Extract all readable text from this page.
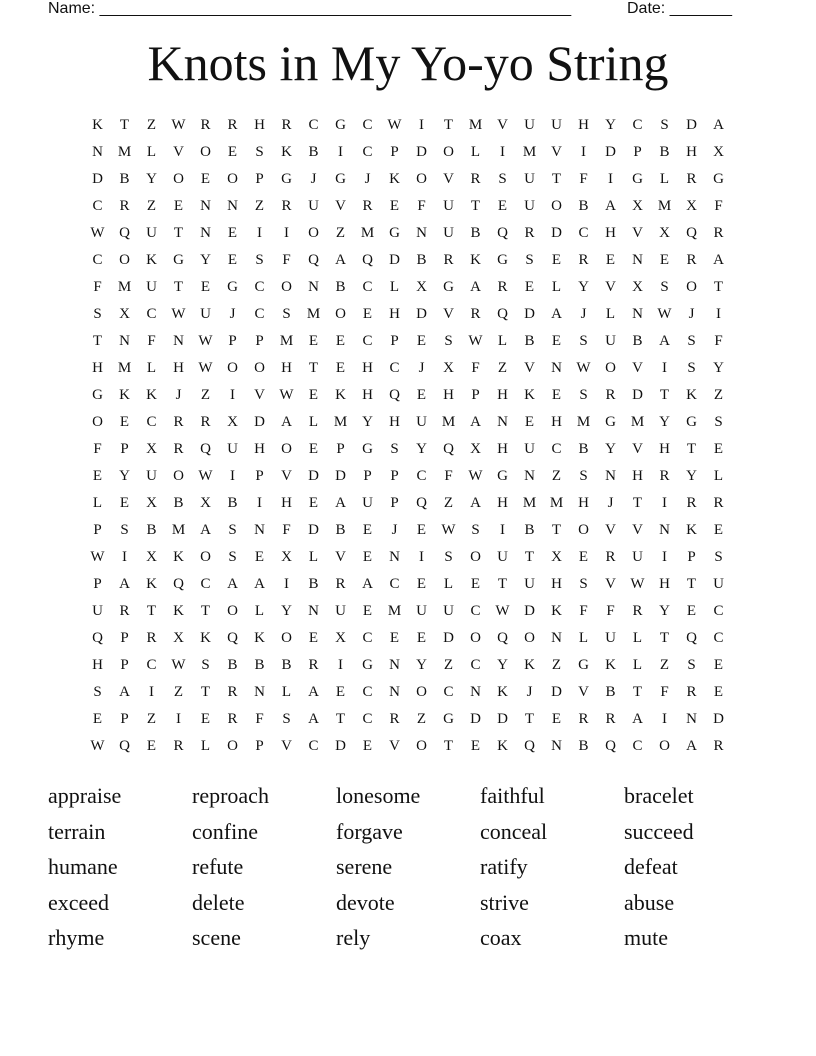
Name: _____________________________________________________	Date: _______
Knots in My Yo-yo String
K	T	Z	W R	R	H	R	C	G	C W	I	T	M V	U	U	H	Y	C	S	D	A
N M	L	V	O	E	S	K	B	I	C	P	D	O	L	I	M V	I	D	P	B	H	X
D	B	Y	O	E	O	P	G	J	G	J	K	O	V	R	S	U	T	F	I	G	L	R	G
C	R	Z	E	N	N	Z	R	U	V	R	E	F	U	T	E	U	O	B	A	X M X	F
W Q	U	T	N	E	I	I	O	Z	M G	N	U	B	Q	R	D	C	H	V	X	Q	R
C	O	K	G	Y	E	S	F	Q	A	Q	D	B	R	K	G	S	E	R	E	N	E	R	A
F	M U	T	E	G	C	O	N	B	C	L	X	G	A	R	E	L	Y	V	X	S	O	T
S	X	C W U	J	C	S	M O	E	H	D	V	R	Q	D	A	J	L	N W	J	I
T	N	F	N W	P	P	M	E	E	C	P	E	S	W	L	B	E	S	U	B	A	S	F
H M	L	H W O	O	H	T	E	H	C	J	X	F	Z	V	N W O	V	I	S	Y
G	K	K	J	Z	I	V W	E	K	H	Q	E	H	P	H	K	E	S	R	D	T	K	Z
O	E	C	R	R	X	D	A	L	M Y	H	U M A	N	E	H M G M Y	G	S
F	P	X	R	Q	U	H	O	E	P	G	S	Y	Q	X	H	U	C	B	Y	V	H	T	E
E	Y	U	O W	I	P	V	D	D	P	P	C	F	W G	N	Z	S	N	H	R	Y	L
L	E	X	B	X	B	I	H	E	A	U	P	Q	Z	A	H M M H	J	T	I	R	R
P	S	B	M A	S	N	F	D	B	E	J	E	W	S	I	B	T	O	V	V	N	K	E
W	I	X	K	O	S	E	X	L	V	E	N	I	S	O	U	T	X	E	R	U	I	P	S
P	A	K	Q	C	A	A	I	B	R	A	C	E	L	E	T	U	H	S	V W H	T	U
U	R	T	K	T	O	L	Y	N	U	E	M U	U	C W D	K	F	F	R	Y	E	C
Q	P	R	X	K	Q	K	O	E	X	C	E	E	D	O	Q	O	N	L	U	L	T	Q	C
H	P	C W	S	B	B	B	R	I	G	N	Y	Z	C	Y	K	Z	G	K	L	Z	S	E
S	A	I	Z	T	R	N	L	A	E	C	N	O	C	N	K	J	D	V	B	T	F	R	E
E	P	Z	I	E	R	F	S	A	T	C	R	Z	G	D	D	T	E	R	R	A	I	N	D
W Q	E	R	L	O	P	V	C	D	E	V	O	T	E	K	Q	N	B	Q	C	O	A	R
appraise	reproach	lonesome	faithful	bracelet
terrain	confine	forgave	conceal	succeed
humane	refute	serene	ratify	defeat
exceed	delete	devote	strive	abuse
rhyme	scene	rely	coax	mute
